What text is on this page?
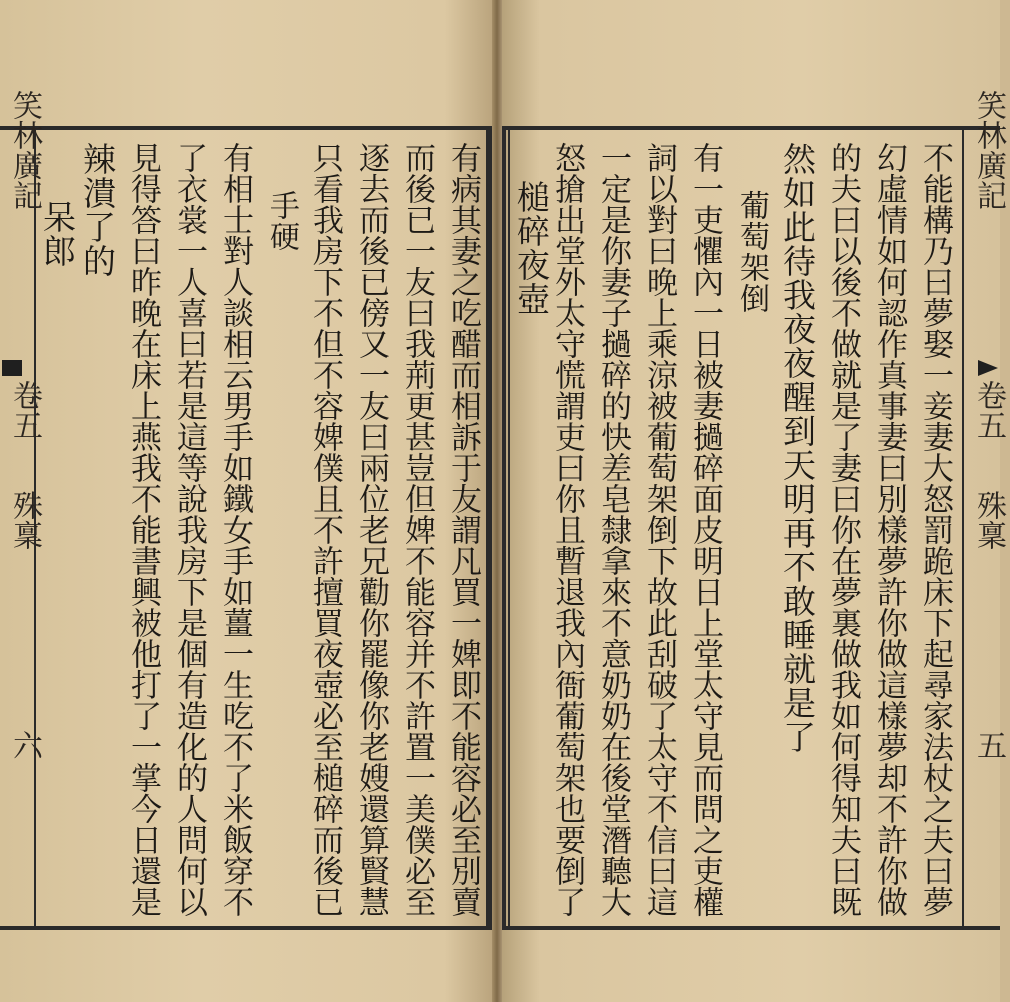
笑林廣記
卷五
殊稟
六
笑林廣記
卷五
殊稟
五
有病其妻之吃醋而相訴于友謂凡買一婢即不能容必至別賣
而後已一友曰我荊更甚豈但婢不能容并不許置一美僕必至
逐去而後已傍又一友曰兩位老兄勸你罷像你老嫂還算賢慧
只看我房下不但不容婢僕且不許擅買夜壺必至槌碎而後已
手硬
有相士對人談相云男手如鐵女手如薑一生吃不了米飯穿不
了衣裳一人喜曰若是這等說我房下是個有造化的人問何以
見得答曰昨晚在床上燕我不能書興被他打了一掌今日還是
辣潰了的
呆郎	不能構乃曰夢娶一妾妻大怒罰跪床下起尋家法杖之夫曰夢
幻虛情如何認作真事妻曰別樣夢許你做這樣夢却不許你做
的夫曰以後不做就是了妻曰你在夢裏做我如何得知夫曰既
然如此待我夜夜醒到天明再不敢睡就是了
葡萄架倒
有一吏懼內一日被妻撾碎面皮明日上堂太守見而問之吏權
詞以對曰晚上乘涼被葡萄架倒下故此刮破了太守不信曰這
一定是你妻子撾碎的快差皂隸拿來不意奶奶在後堂潛聽大
怒搶出堂外太守慌謂吏曰你且暫退我內衙葡萄架也要倒了
槌碎夜壺
